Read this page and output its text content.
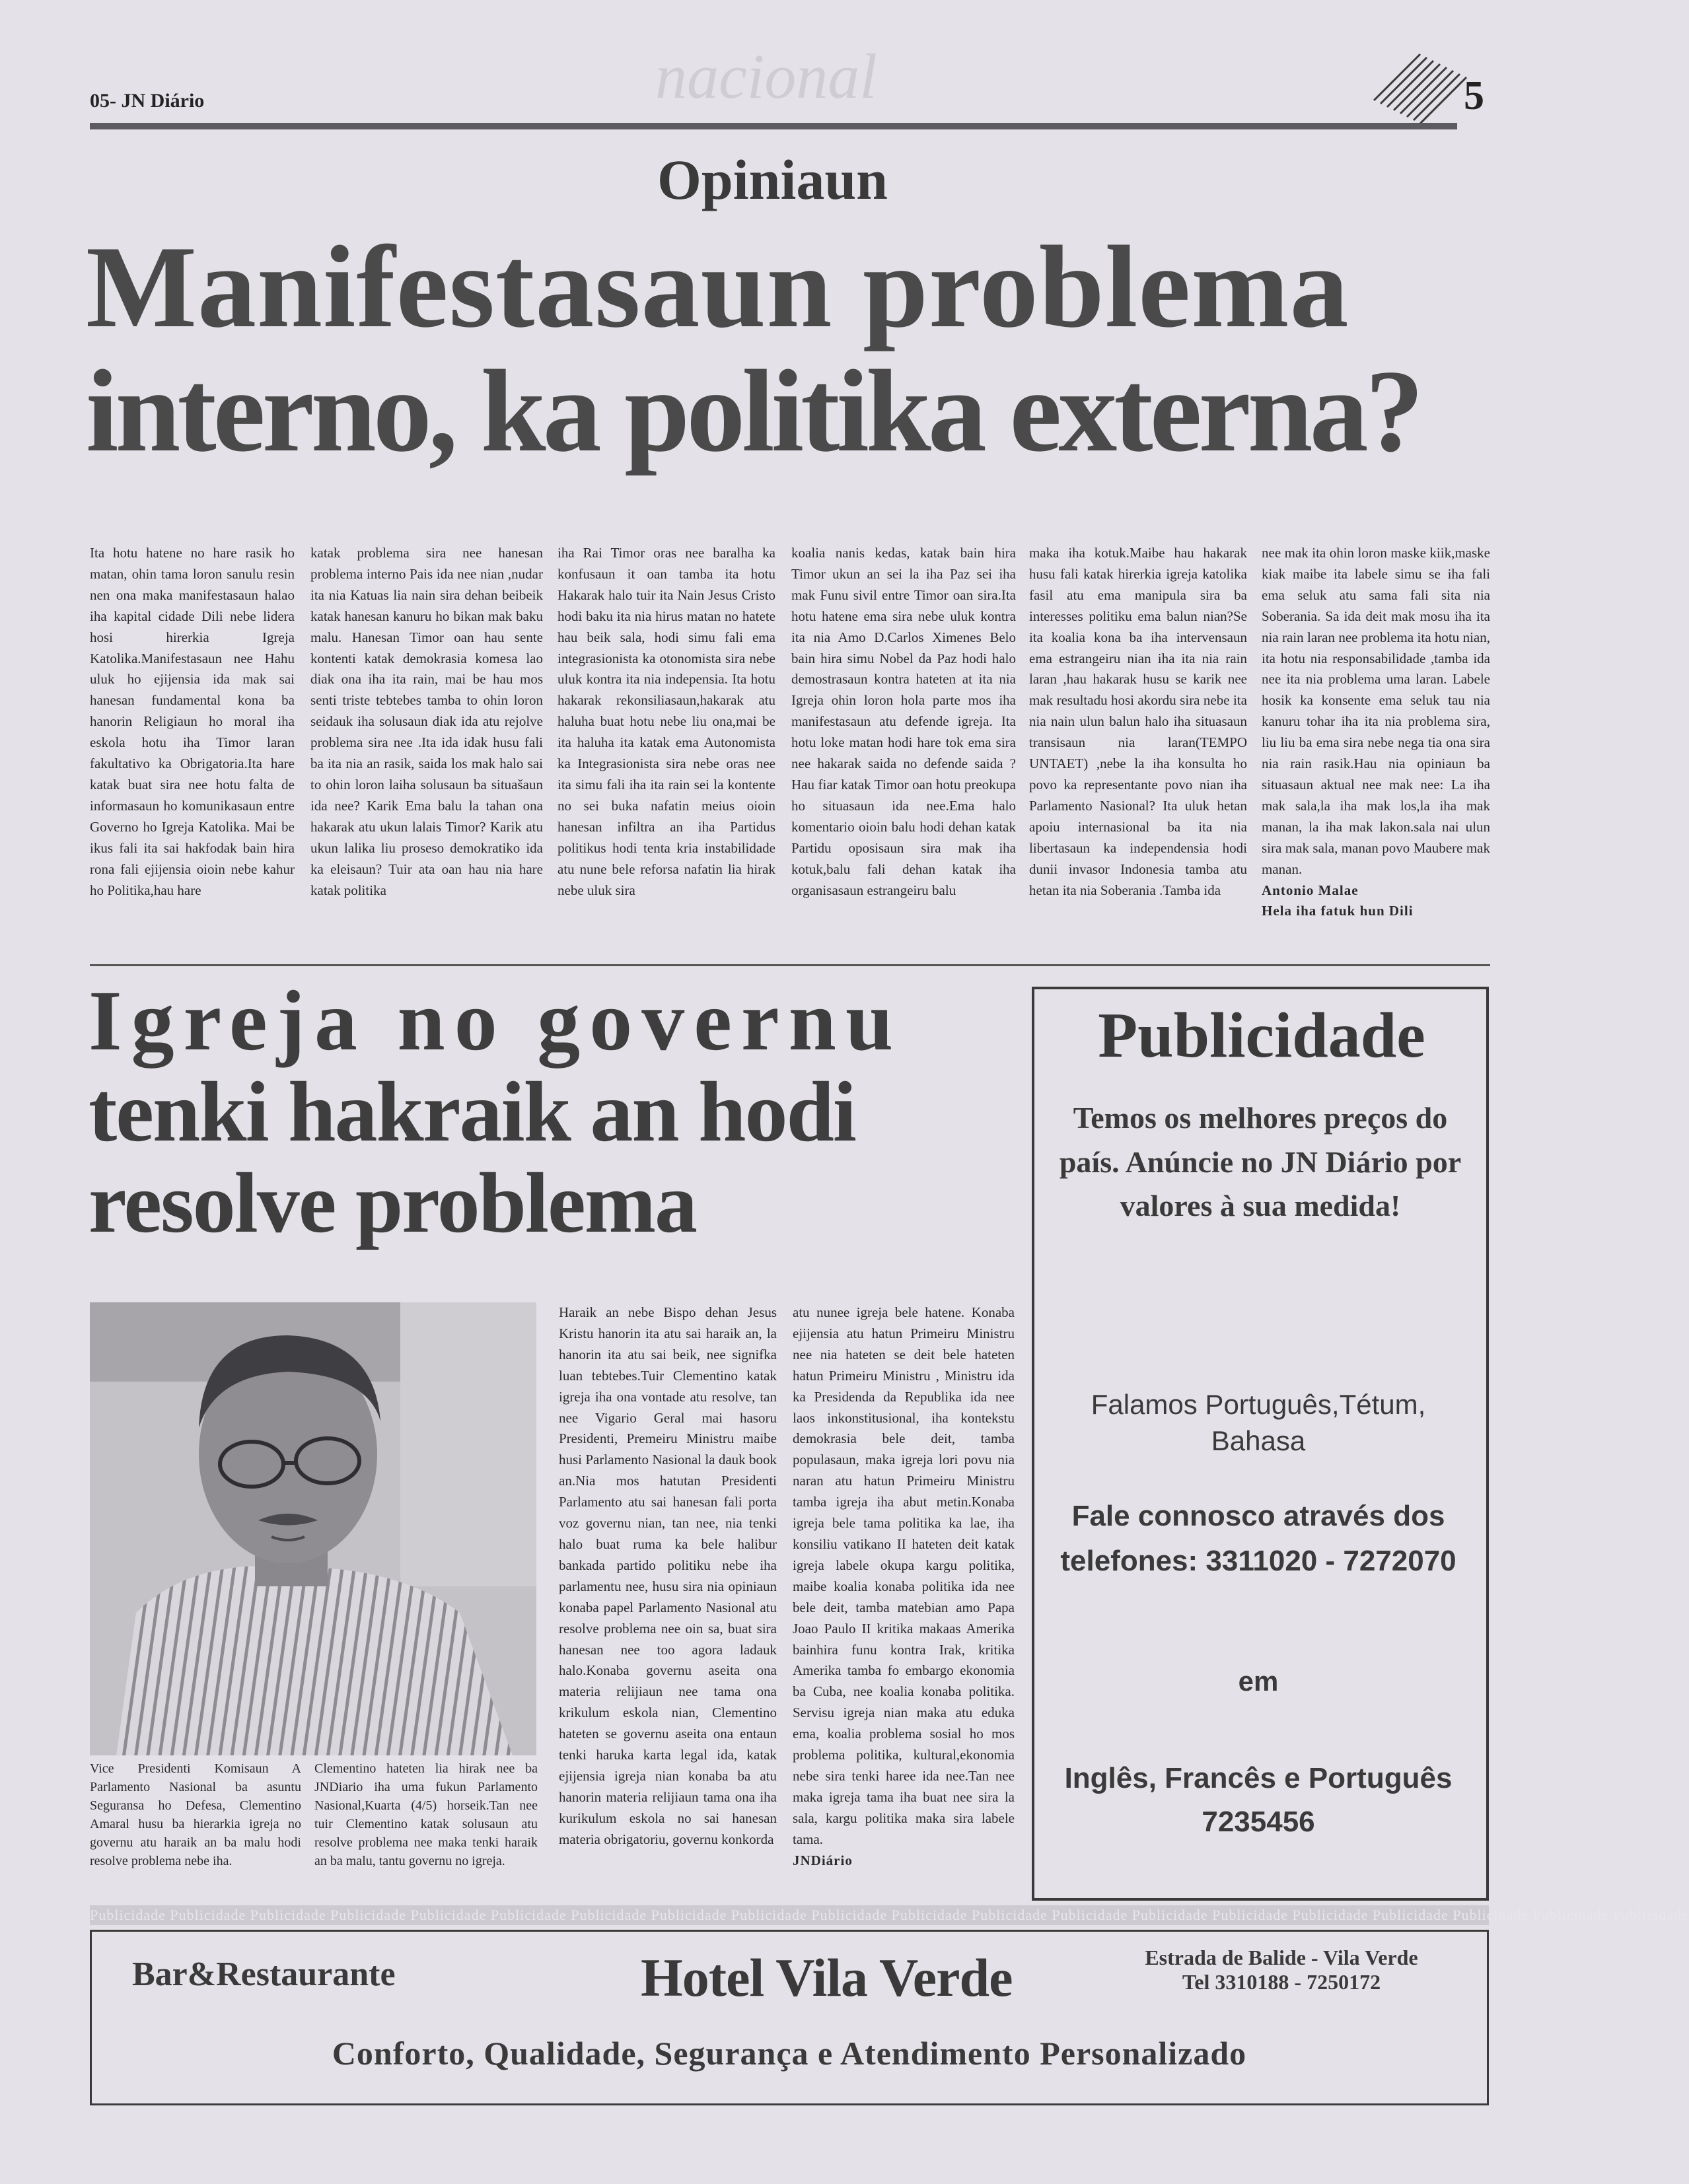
05- JN Diário	nacional	5
Opiniaun
Manifestasaun problema
interno, ka politika externa?
Ita hotu hatene no hare rasik ho matan, ohin tama loron sanulu resin nen ona maka manifestasaun halao iha kapital cidade Dili nebe lidera hosi hirerkia Igreja Katolika.Manifestasaun nee Hahu uluk ho ejijensia ida mak sai hanesan fundamental kona ba hanorin Religiaun ho moral iha eskola hotu iha Timor laran fakultativo ka Obrigatoria.Ita hare katak buat sira nee hotu falta de informasaun ho komunikasaun entre Governo ho Igreja Katolika. Mai be ikus fali ita sai hakfodak bain hira rona fali ejijensia oioin nebe kahur ho Politika,hau hare
katak problema sira nee hanesan problema interno Pais ida nee nian ,nudar ita nia Katuas lia nain sira dehan beibeik katak hanesan kanuru ho bikan mak baku malu. Hanesan Timor oan hau sente kontenti katak demokrasia komesa lao diak ona iha ita rain, mai be hau mos senti triste tebtebes tamba to ohin loron seidauk iha solusaun diak ida atu rejolve problema sira nee .Ita ida idak husu fali ba ita nia an rasik, saida los mak halo sai to ohin loron laiha solusaun ba situašaun ida nee? Karik Ema balu la tahan ona hakarak atu ukun lalais Timor? Karik atu ukun lalika liu proseso demokratiko ida ka eleisaun? Tuir ata oan hau nia hare katak politika
iha Rai Timor oras nee baralha ka konfusaun it oan tamba ita hotu Hakarak halo tuir ita Nain Jesus Cristo hodi baku ita nia hirus matan no hatete hau beik sala, hodi simu fali ema integrasionista ka otonomista sira nebe uluk kontra ita nia indepensia. Ita hotu hakarak rekonsiliasaun,hakarak atu haluha buat hotu nebe liu ona,mai be ita haluha ita katak ema Autonomista ka Integrasionista sira nebe oras nee ita simu fali iha ita rain sei la kontente no sei buka nafatin meius oioin hanesan infiltra an iha Partidus politikus hodi tenta kria instabilidade atu nune bele reforsa nafatin lia hirak nebe uluk sira
koalia nanis kedas, katak bain hira Timor ukun an sei la iha Paz sei iha mak Funu sivil entre Timor oan sira.Ita hotu hatene ema sira nebe uluk kontra ita nia Amo D.Carlos Ximenes Belo bain hira simu Nobel da Paz hodi halo demostrasaun kontra hateten at ita nia Igreja ohin loron hola parte mos iha manifestasaun atu defende igreja. Ita hotu loke matan hodi hare tok ema sira nee hakarak saida no defende saida ? Hau fiar katak Timor oan hotu preokupa ho situasaun ida nee.Ema halo komentario oioin balu hodi dehan katak Partidu oposisaun sira mak iha kotuk,balu fali dehan katak iha organisasaun estrangeiru balu
maka iha kotuk.Maibe hau hakarak husu fali katak hirerkia igreja katolika fasil atu ema manipula sira ba interesses politiku ema balun nian?Se ita koalia kona ba iha intervensaun ema estrangeiru nian iha ita nia rain laran ,hau hakarak husu se karik nee mak resultadu hosi akordu sira nebe ita nia nain ulun balun halo iha situasaun transisaun nia laran(TEMPO UNTAET) ,nebe la iha konsulta ho povo ka representante povo nian iha Parlamento Nasional? Ita uluk hetan apoiu internasional ba ita nia libertasaun ka independensia hodi dunii invasor Indonesia tamba atu hetan ita nia Soberania .Tamba ida
nee mak ita ohin loron maske kiik,maske kiak maibe ita labele simu se iha fali ema seluk atu sama fali sita nia Soberania. Sa ida deit mak mosu iha ita nia rain laran nee problema ita hotu nian, ita hotu nia responsabilidade ,tamba ida nee ita nia problema uma laran. Labele hosik ka konsente ema seluk tau nia kanuru tohar iha ita nia problema sira, liu liu ba ema sira nebe nega tia ona sira nia rain rasik.Hau nia opiniaun ba situasaun aktual nee mak nee: La iha mak sala,la iha mak los,la iha mak manan, la iha mak lakon.sala nai ulun sira mak sala, manan povo Maubere mak manan.
Antonio Malae
Hela iha fatuk hun Dili
Igreja no governu
tenki hakraik an hodi
resolve problema
Vice Presidenti Komisaun A Parlamento Nasional ba asuntu Seguransa ho Defesa, Clementino Amaral husu ba hierarkia igreja no governu atu haraik an ba malu hodi resolve problema nebe iha.
Clementino hateten lia hirak nee ba JNDiario iha uma fukun Parlamento Nasional,Kuarta (4/5) horseik.Tan nee tuir Clementino katak solusaun atu resolve problema nee maka tenki haraik an ba malu, tantu governu no igreja.
Haraik an nebe Bispo dehan Jesus Kristu hanorin ita atu sai haraik an, la hanorin ita atu sai beik, nee signifka luan tebtebes.Tuir Clementino katak igreja iha ona vontade atu resolve, tan nee Vigario Geral mai hasoru Presidenti, Premeiru Ministru maibe husi Parlamento Nasional la dauk book an.Nia mos hatutan Presidenti Parlamento atu sai hanesan fali porta voz governu nian, tan nee, nia tenki halo buat ruma ka bele halibur bankada partido politiku nebe iha parlamentu nee, husu sira nia opiniaun konaba papel Parlamento Nasional atu resolve problema nee oin sa, buat sira hanesan nee too agora ladauk halo.Konaba governu aseita ona materia relijiaun nee tama ona krikulum eskola nian, Clementino hateten se governu aseita ona entaun tenki haruka karta legal ida, katak ejijensia igreja nian konaba ba atu hanorin materia relijiaun tama ona iha kurikulum eskola no sai hanesan materia obrigatoriu, governu konkorda
atu nunee igreja bele hatene. Konaba ejijensia atu hatun Primeiru Ministru nee nia hateten se deit bele hateten hatun Primeiru Ministru , Ministru ida ka Presidenda da Republika ida nee laos inkonstitusional, iha kontekstu demokrasia bele deit, tamba populasaun, maka igreja lori povu nia naran atu hatun Primeiru Ministru tamba igreja iha abut metin.Konaba igreja bele tama politika ka lae, iha konsiliu vatikano II hateten deit katak igreja labele okupa kargu politika, maibe koalia konaba politika ida nee bele deit, tamba matebian amo Papa Joao Paulo II kritika makaas Amerika bainhira funu kontra Irak, kritika Amerika tamba fo embargo ekonomia ba Cuba, nee koalia konaba politika. Servisu igreja nian maka atu eduka ema, koalia problema sosial ho mos problema politika, kultural,ekonomia nebe sira tenki haree ida nee.Tan nee maka igreja tama iha buat nee sira la sala, kargu politika maka sira labele tama.
JNDiário
Publicidade
Temos os melhores preços do país. Anúncie no JN Diário por valores à sua medida!
Falamos Português,Tétum, Bahasa
Fale connosco através dos telefones: 3311020 - 7272070
em
Inglês, Francês e Português 7235456
Publicidade Publicidade Publicidade Publicidade Publicidade Publicidade Publicidade Publicidade Publicidade Publicidade Publicidade Publicidade Publicidade Publicidade Publicidade Publicidade Publicidade Publicidade Publicidade Publicidade
Bar&Restaurante	Hotel Vila Verde	Estrada de Balide - Vila Verde
Tel 3310188 - 7250172
Conforto, Qualidade, Segurança e Atendimento Personalizado
